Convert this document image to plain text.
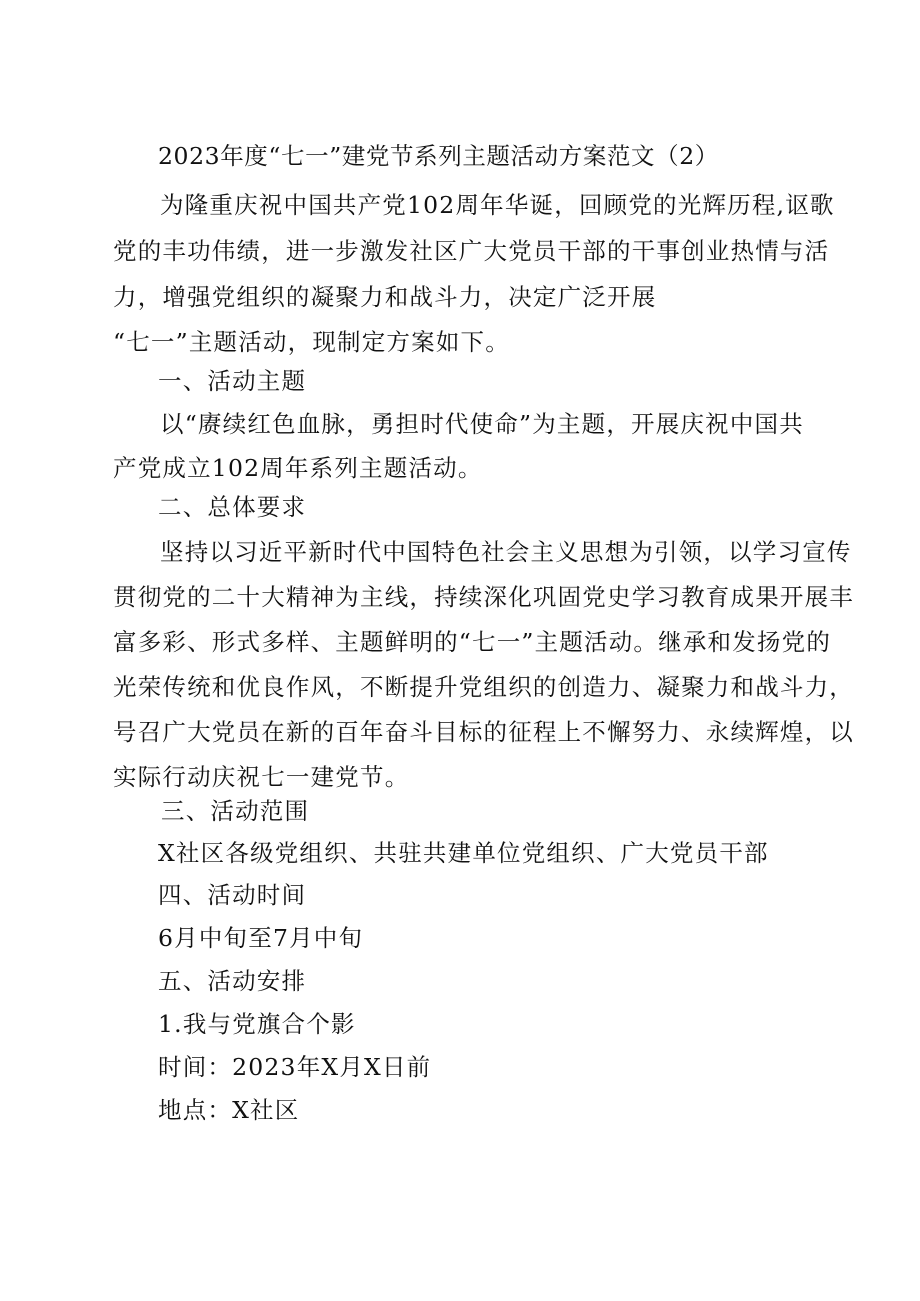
2023年度“七一”建党节系列主题活动方案范文（2）
为隆重庆祝中国共产党102周年华诞，回顾党的光辉历程,讴歌
党的丰功伟绩，进一步激发社区广大党员干部的干事创业热情与活
力，增强党组织的凝聚力和战斗力，决定广泛开展
“七一”主题活动，现制定方案如下。
一、活动主题
以“赓续红色血脉，勇担时代使命”为主题，开展庆祝中国共
产党成立102周年系列主题活动。
二、总体要求
坚持以习近平新时代中国特色社会主义思想为引领，以学习宣传
贯彻党的二十大精神为主线，持续深化巩固党史学习教育成果开展丰
富多彩、形式多样、主题鲜明的“七一”主题活动。继承和发扬党的
光荣传统和优良作风，不断提升党组织的创造力、凝聚力和战斗力，
号召广大党员在新的百年奋斗目标的征程上不懈努力、永续辉煌，以
实际行动庆祝七一建党节。
三、活动范围
X社区各级党组织、共驻共建单位党组织、广大党员干部
四、活动时间
6月中旬至7月中旬
五、活动安排
1.我与党旗合个影
时间：2023年X月X日前
地点：X社区
